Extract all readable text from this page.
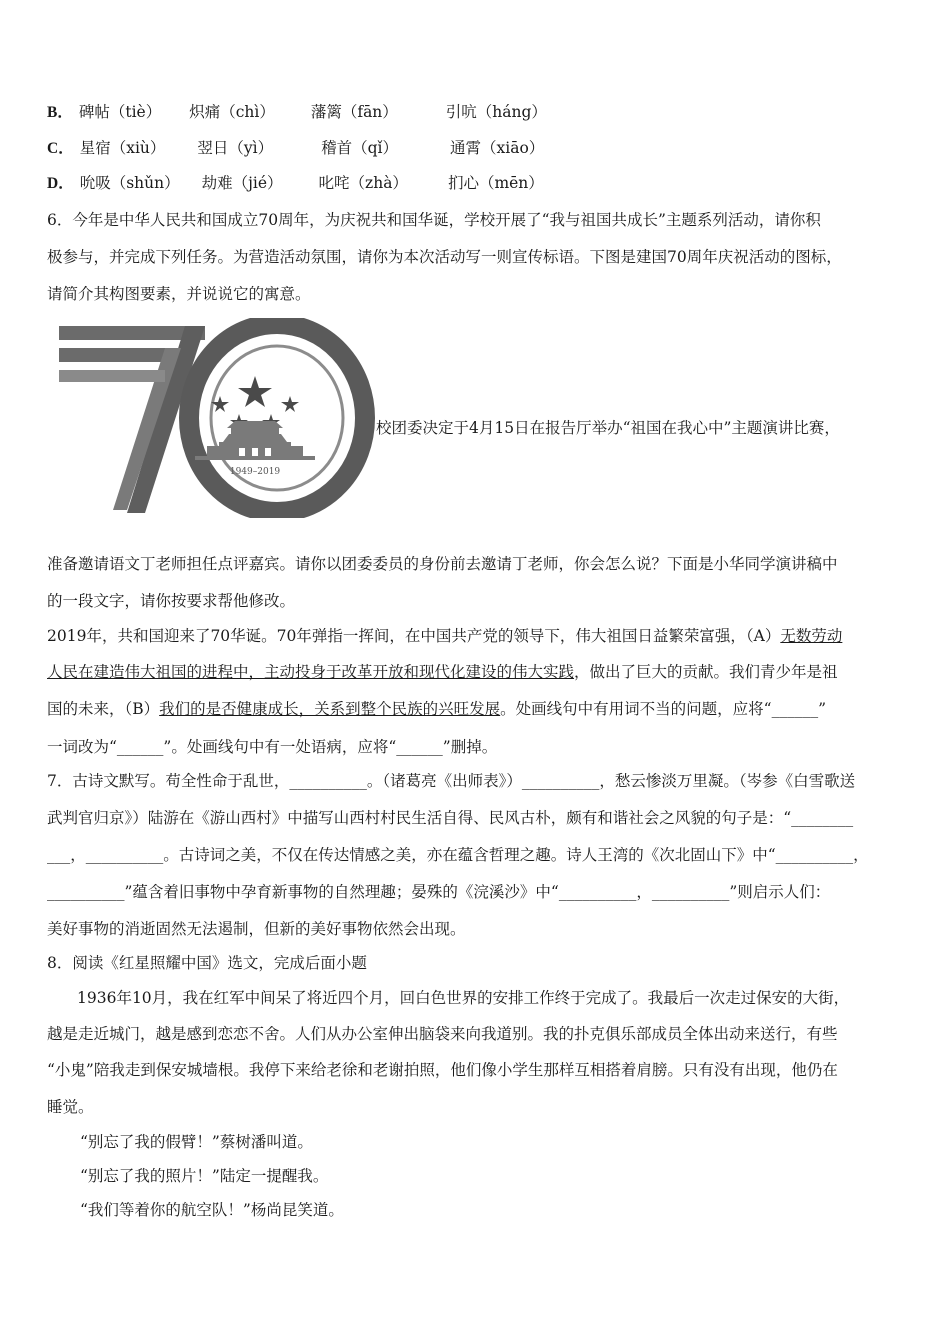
B． 碑帖（tiè） 炽痛（chì） 藩篱（fān）	引吭（háng）
C． 星宿（xiù） 翌日（yì）	稽首（qǐ）	通霄（xiāo）
D． 吮吸（shǔn） 劫难（jié） 叱咤（zhà）	扪心（mēn）
6．今年是中华人民共和国成立70周年，为庆祝共和国华诞，学校开展了“我与祖国共成长”主题系列活动，请你积
极参与，并完成下列任务。为营造活动氛围，请你为本次活动写一则宣传标语。下图是建国70周年庆祝活动的图标，
请简介其构图要素，并说说它的寓意。
1949–2019
校团委决定于4月15日在报告厅举办“祖国在我心中”主题演讲比赛，
准备邀请语文丁老师担任点评嘉宾。请你以团委委员的身份前去邀请丁老师，你会怎么说？下面是小华同学演讲稿中
的一段文字，请你按要求帮他修改。
2019年，共和国迎来了70华诞。70年弹指一挥间，在中国共产党的领导下，伟大祖国日益繁荣富强，（A）无数劳动
人民在建造伟大祖国的进程中，主动投身于改革开放和现代化建设的伟大实践，做出了巨大的贡献。我们青少年是祖
国的未来，（B）我们的是否健康成长，关系到整个民族的兴旺发展。处画线句中有用词不当的问题，应将“______”
一词改为“______”。处画线句中有一处语病，应将“______”删掉。
7．古诗文默写。苟全性命于乱世，__________。（诸葛亮《出师表》）__________，愁云惨淡万里凝。（岑参《白雪歌送
武判官归京》）陆游在《游山西村》中描写山西村村民生活自得、民风古朴，颇有和谐社会之风貌的句子是：“________
___，__________。古诗词之美，不仅在传达情感之美，亦在蕴含哲理之趣。诗人王湾的《次北固山下》中“__________，
__________”蕴含着旧事物中孕育新事物的自然理趣；晏殊的《浣溪沙》中“__________，__________”则启示人们：
美好事物的消逝固然无法遏制，但新的美好事物依然会出现。
8．阅读《红星照耀中国》选文，完成后面小题
1936年10月，我在红军中间呆了将近四个月，回白色世界的安排工作终于完成了。我最后一次走过保安的大街，
越是走近城门，越是感到恋恋不舍。人们从办公室伸出脑袋来向我道别。我的扑克俱乐部成员全体出动来送行，有些
“小鬼”陪我走到保安城墙根。我停下来给老徐和老谢拍照，他们像小学生那样互相搭着肩膀。只有没有出现，他仍在
睡觉。
“别忘了我的假臂！”蔡树潘叫道。
“别忘了我的照片！”陆定一提醒我。
“我们等着你的航空队！”杨尚昆笑道。
